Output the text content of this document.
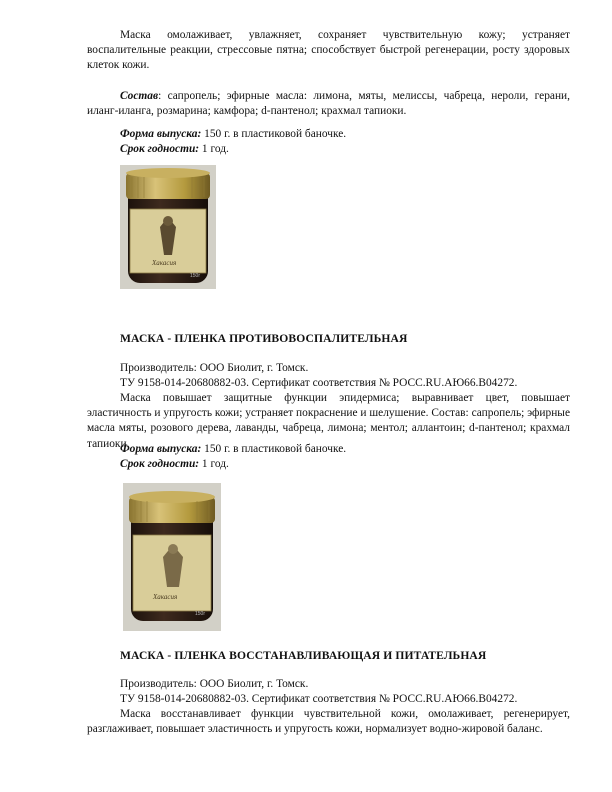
Маска омолаживает, увлажняет, сохраняет чувствительную кожу; устраняет воспалительные реакции, стрессовые пятна; способствует быстрой регенерации, росту здоровых клеток кожи.

Состав: сапропель; эфирные масла: лимона, мяты, мелиссы, чабреца, нероли, герани, иланг-иланга, розмарина; камфора; d-пантенол; крахмал тапиоки.

Форма выпуска: 150 г. в пластиковой баночке.

Срок годности: 1 год.

Хакасия
150г

МАСКА - ПЛЕНКА ПРОТИВОВОСПАЛИТЕЛЬНАЯ

Производитель: ООО Биолит, г. Томск.

ТУ 9158-014-20680882-03. Сертификат соответствия № РОСС.RU.АЮ66.В04272.

Маска повышает защитные функции эпидермиса; выравнивает цвет, повышает эластичность и упругость кожи; устраняет покраснение и шелушение. Состав: сапропель; эфирные масла мяты, розового дерева, лаванды, чабреца, лимона; ментол; аллантоин; d-пантенол; крахмал тапиоки.

Форма выпуска: 150 г. в пластиковой баночке.

Срок годности: 1 год.

Хакасия
150г

МАСКА - ПЛЕНКА ВОССТАНАВЛИВАЮЩАЯ И ПИТАТЕЛЬНАЯ

Производитель: ООО Биолит, г. Томск.

ТУ 9158-014-20680882-03. Сертификат соответствия № РОСС.RU.АЮ66.В04272.

Маска восстанавливает функции чувствительной кожи, омолаживает, регенерирует, разглаживает, повышает эластичность и упругость кожи, нормализует водно-жировой баланс.
